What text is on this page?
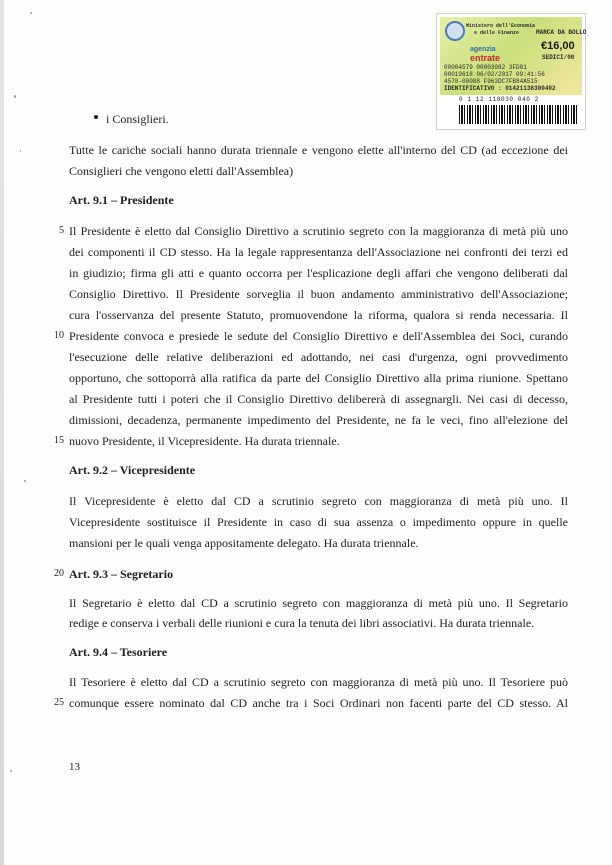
Ministero dell'Economia
e delle Finanze
agenzia
entrate
MARCA DA BOLLO
€16,00
SEDICI/00
00004579 00003082 3FD01
00019618 06/02/2017 09:41:56
4578-00088 F963DC7FB84A515
IDENTIFICATIVO : 01421138300402
0 1 12 118030 040 2
i Consiglieri.
Tutte le cariche sociali hanno durata triennale e vengono elette all'interno del CD (ad eccezione dei
Consiglieri che vengono eletti dall'Assemblea)
Art. 9.1 – Presidente
Il Presidente è eletto dal Consiglio Direttivo a scrutinio segreto con la maggioranza di metà più uno
dei componenti il CD stesso. Ha la legale rappresentanza dell'Associazione nei confronti dei terzi ed
in giudizio; firma gli atti e quanto occorra per l'esplicazione degli affari che vengono deliberati dal
Consiglio Direttivo. Il Presidente sorveglia il buon andamento amministrativo dell'Associazione;
cura l'osservanza del presente Statuto, promuovendone la riforma, qualora si renda necessaria. Il
Presidente convoca e presiede le sedute del Consiglio Direttivo e dell'Assemblea dei Soci, curando
l'esecuzione delle relative deliberazioni ed adottando, nei casi d'urgenza, ogni provvedimento
opportuno, che sottoporrà alla ratifica da parte del Consiglio Direttivo alla prima riunione. Spettano
al Presidente tutti i poteri che il Consiglio Direttivo delibererà di assegnargli. Nei casi di decesso,
dimissioni, decadenza, permanente impedimento del Presidente, ne fa le veci, fino all'elezione del
nuovo Presidente, il Vicepresidente. Ha durata triennale.
Art. 9.2 – Vicepresidente
Il Vicepresidente è eletto dal CD a scrutinio segreto con maggioranza di metà più uno. Il
Vicepresidente sostituisce il Presidente in caso di sua assenza o impedimento oppure in quelle
mansioni per le quali venga appositamente delegato. Ha durata triennale.
Art. 9.3 – Segretario
Il Segretario è eletto dal CD a scrutinio segreto con maggioranza di metà più uno. Il Segretario
redige e conserva i verbali delle riunioni e cura la tenuta dei libri associativi. Ha durata triennale.
Art. 9.4 – Tesoriere
Il Tesoriere è eletto dal CD a scrutinio segreto con maggioranza di metà più uno. Il Tesoriere può
comunque essere nominato dal CD anche tra i Soci Ordinari non facenti parte del CD stesso. Al
5
10
15
20
25
13
